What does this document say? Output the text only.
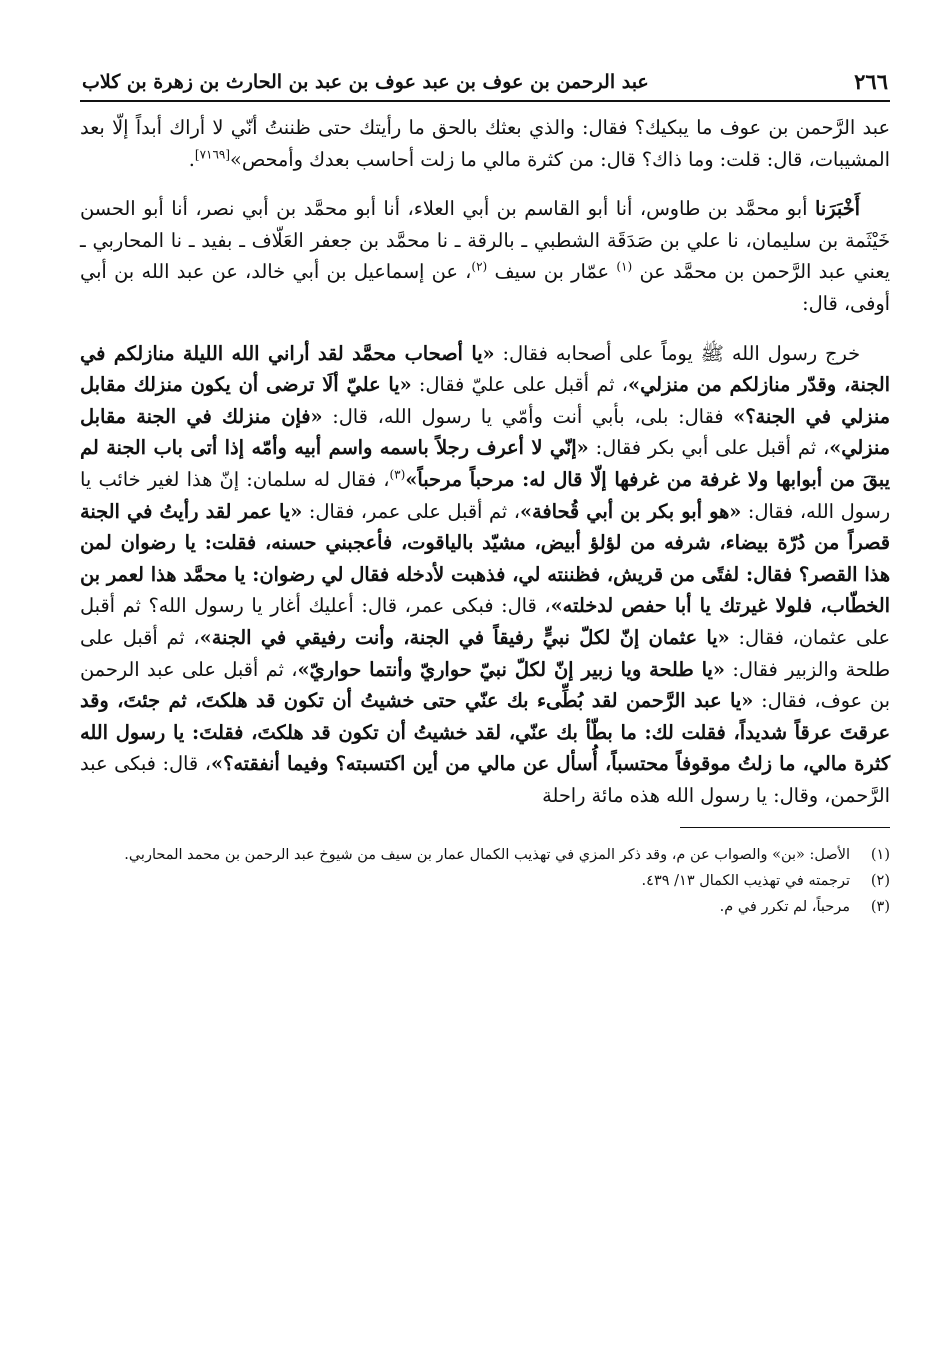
٢٦٦
عبد الرحمن بن عوف بن عبد عوف بن عبد بن الحارث بن زهرة بن كلاب

عبد الرَّحمن بن عوف ما يبكيك؟ فقال: والذي بعثك بالحق ما رأيتك حتى ظننتُ أنّي لا أراك أبداً إلّا بعد المشيبات، قال: قلت: وما ذاك؟ قال: من كثرة مالي ما زلت أحاسب بعدك وأمحص»[٧١٦٩].

أَخْبَرَنا أبو محمَّد بن طاوس، أنا أبو القاسم بن أبي العلاء، أنا أبو محمَّد بن أبي نصر، أنا أبو الحسن خَيْثَمة بن سليمان، نا علي بن صَدَقَة الشطبي ـ بالرقة ـ نا محمَّد بن جعفر العَلّاف ـ بفيد ـ نا المحاربي ـ يعني عبد الرَّحمن بن محمَّد عن $^{(١)}$ عمّار بن سيف $^{(٢)}$، عن إسماعيل بن أبي خالد، عن عبد الله بن أبي أوفى، قال:

خرج رسول الله ﷺ يوماً على أصحابه فقال: «يا أصحاب محمَّد لقد أراني الله الليلة منازلكم في الجنة، وقدّر منازلكم من منزلي»، ثم أقبل على عليّ فقال: «يا عليّ ألَا ترضى أن يكون منزلك مقابل منزلي في الجنة؟» فقال: بلى، بأبي أنت وأمّي يا رسول الله، قال: «فإن منزلك في الجنة مقابل منزلي»، ثم أقبل على أبي بكر فقال: «إنّي لا أعرف رجلاً باسمه واسم أبيه وأمّه إذا أتى باب الجنة لم يبقَ من أبوابها ولا غرفة من غرفها إلّا قال له: مرحباً مرحباً»$^{(٣)}$، فقال له سلمان: إنّ هذا لغير خائب يا رسول الله، فقال: «هو أبو بكر بن أبي قُحافة»، ثم أقبل على عمر، فقال: «يا عمر لقد رأيتُ في الجنة قصراً من دُرّة بيضاء، شرفه من لؤلؤ أبيض، مشيّد بالياقوت، فأعجبني حسنه، فقلت: يا رضوان لمن هذا القصر؟ فقال: لفتًى من قريش، فظننته لي، فذهبت لأدخله فقال لي رضوان: يا محمَّد هذا لعمر بن الخطّاب، فلولا غيرتك يا أبا حفص لدخلته»، قال: فبكى عمر، قال: أعليك أغار يا رسول الله؟ ثم أقبل على عثمان، فقال: «يا عثمان إنّ لكلّ نبيٍّ رفيقاً في الجنة، وأنت رفيقي في الجنة»، ثم أقبل على طلحة والزبير فقال: «يا طلحة ويا زبير إنّ لكلّ نبيّ حواريّ وأنتما حواريّ»، ثم أقبل على عبد الرحمن بن عوف، فقال: «يا عبد الرَّحمن لقد بُطِّىء بك عنّي حتى خشيتُ أن تكون قد هلكتَ، ثم جئتَ، وقد عرقتَ عرقاً شديداً، فقلت لك: ما بطّأ بك عنّي، لقد خشيتُ أن تكون قد هلكتَ، فقلتَ: يا رسول الله كثرة مالي، ما زلتُ موقوفاً محتسباً، أُسأل عن مالي من أين اكتسبته؟ وفيما أنفقته؟»، قال: فبكى عبد الرَّحمن، وقال: يا رسول الله هذه مائة راحلة

(١)
الأصل: «بن» والصواب عن م، وقد ذكر المزي في تهذيب الكمال عمار بن سيف من شيوخ عبد الرحمن بن محمد المحاربي.
(٢)
ترجمته في تهذيب الكمال ١٣/ ٤٣٩.
(٣)
مرحباً، لم تكرر في م.
